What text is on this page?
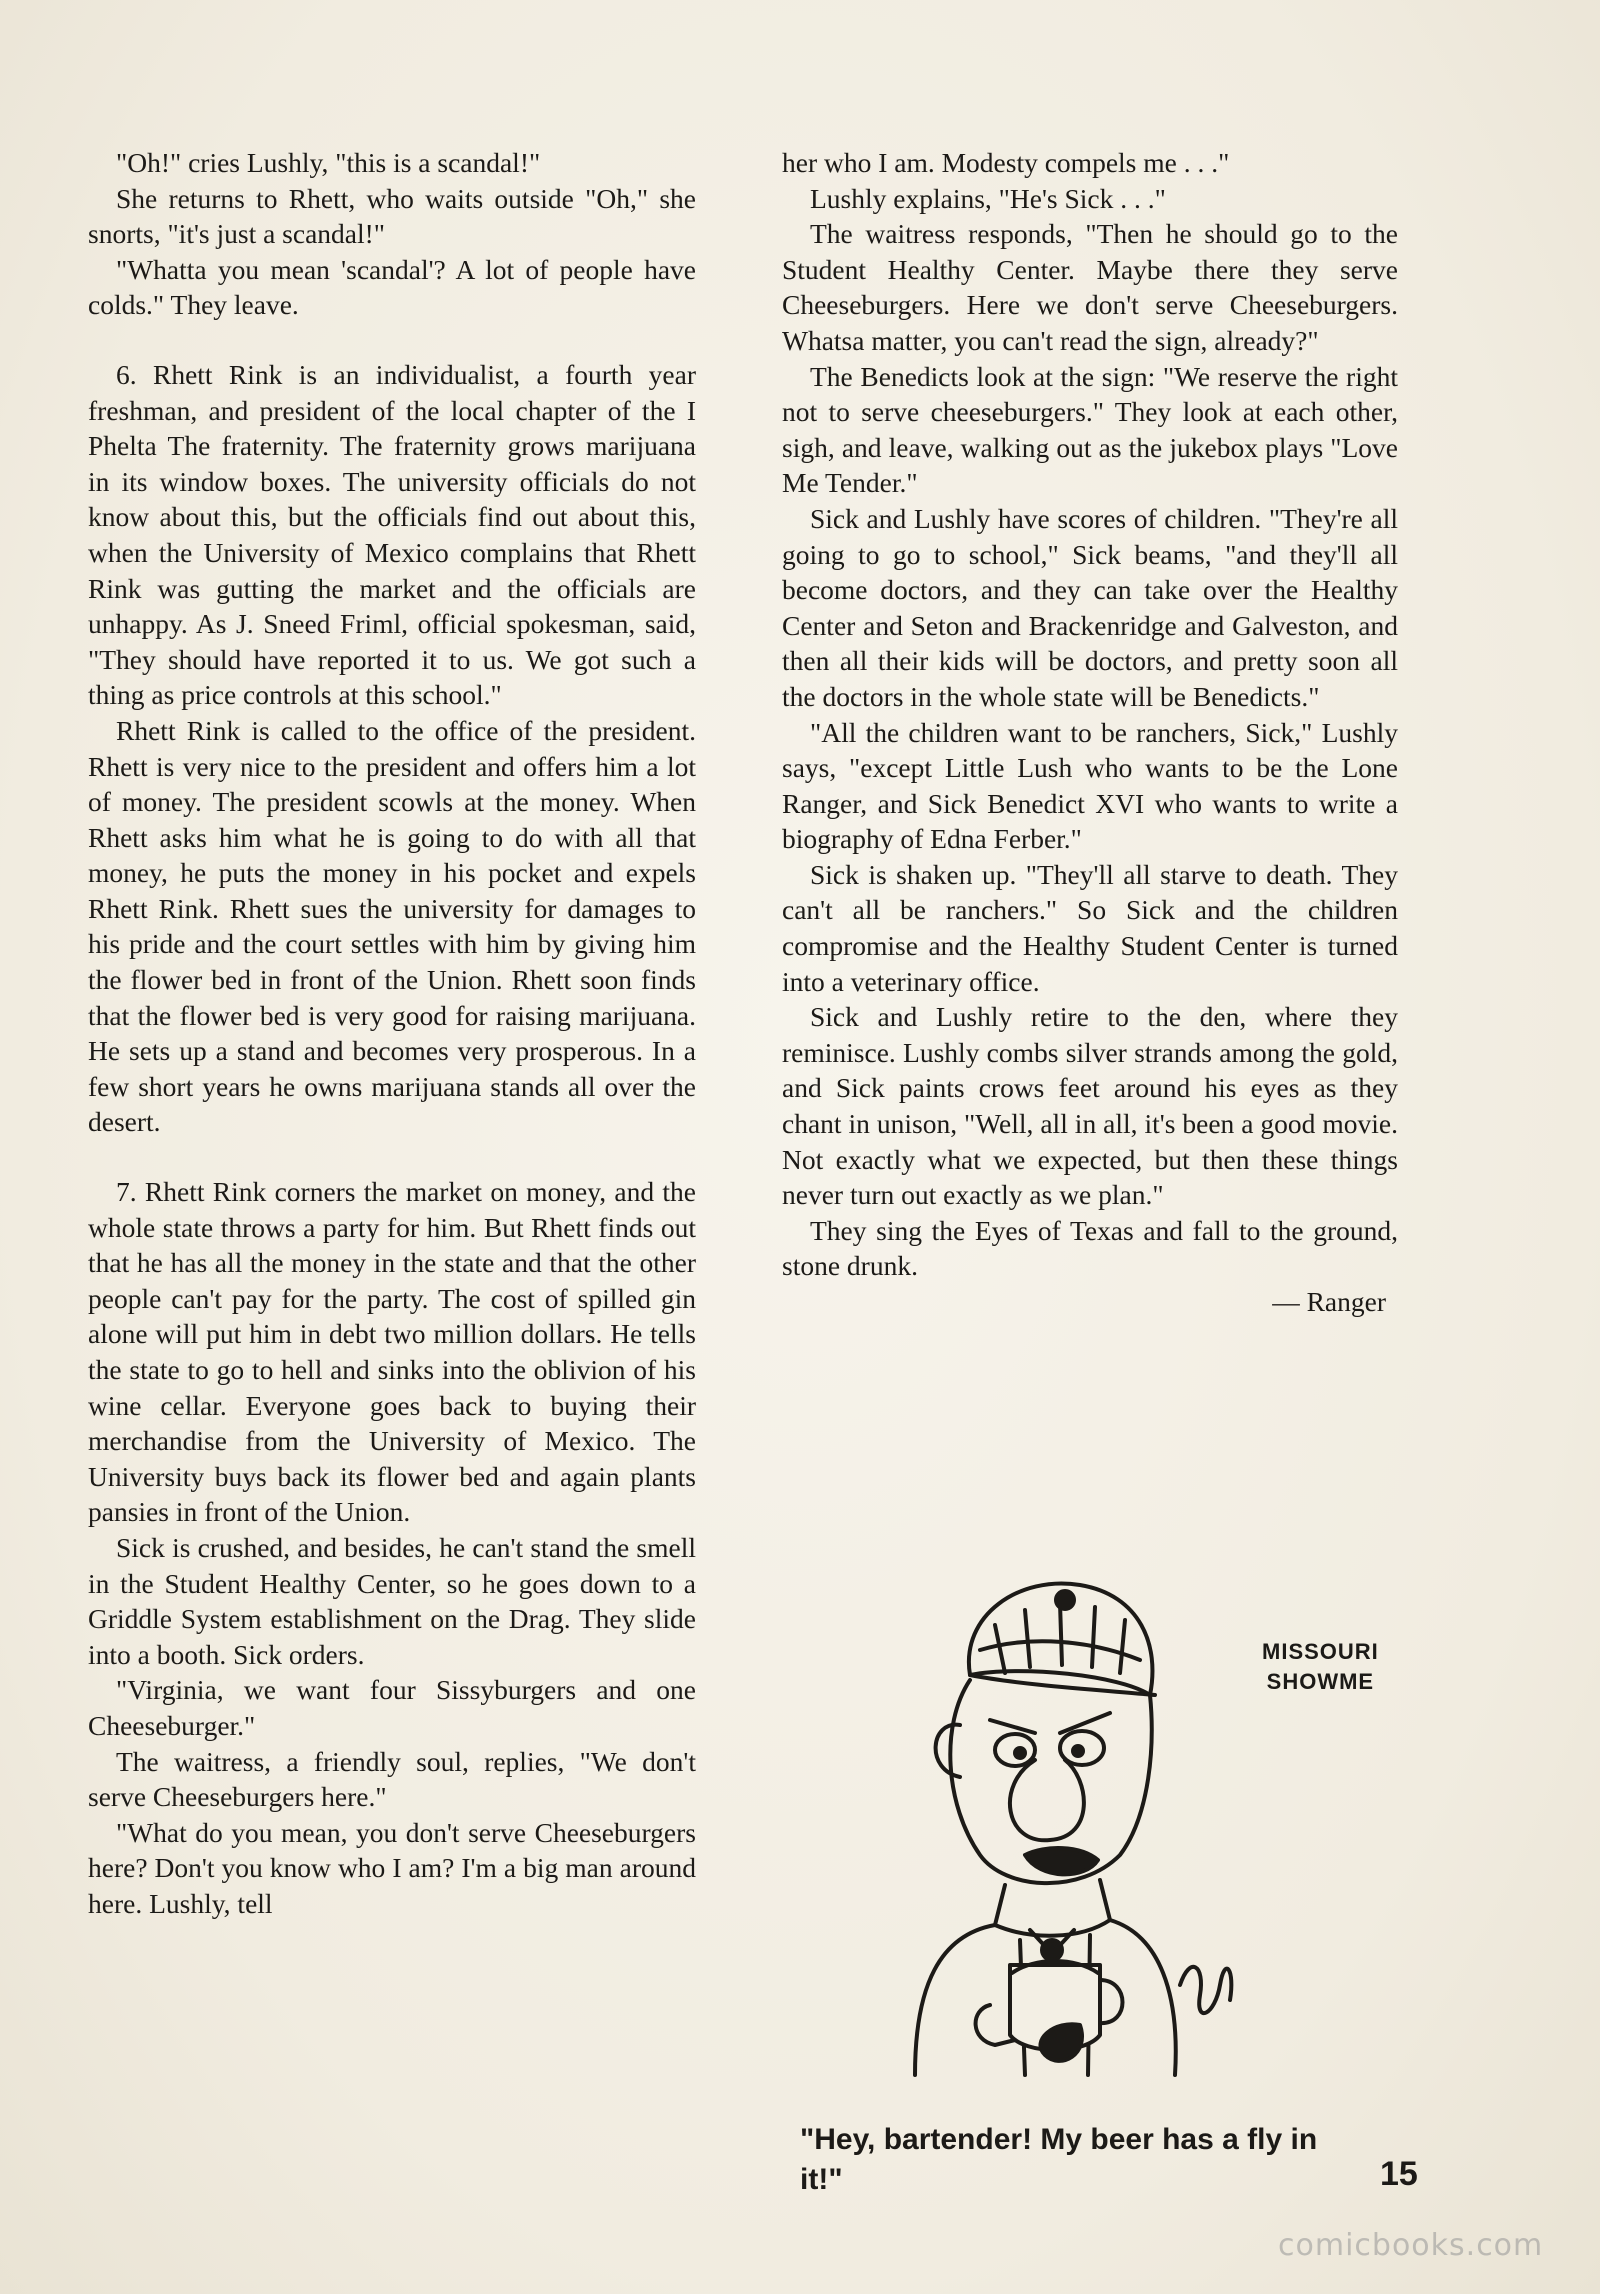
"Oh!" cries Lushly, "this is a scandal!"

She returns to Rhett, who waits outside "Oh," she snorts, "it's just a scandal!"

"Whatta you mean 'scandal'? A lot of people have colds." They leave.

6. Rhett Rink is an individualist, a fourth year freshman, and president of the local chapter of the I Phelta The fraternity. The fraternity grows marijuana in its window boxes. The university officials do not know about this, but the officials find out about this, when the University of Mexico complains that Rhett Rink was gutting the market and the officials are unhappy. As J. Sneed Friml, official spokesman, said, "They should have reported it to us. We got such a thing as price controls at this school."

Rhett Rink is called to the office of the president. Rhett is very nice to the president and offers him a lot of money. The president scowls at the money. When Rhett asks him what he is going to do with all that money, he puts the money in his pocket and expels Rhett Rink. Rhett sues the university for damages to his pride and the court settles with him by giving him the flower bed in front of the Union. Rhett soon finds that the flower bed is very good for raising marijuana. He sets up a stand and becomes very prosperous. In a few short years he owns marijuana stands all over the desert.

7. Rhett Rink corners the market on money, and the whole state throws a party for him. But Rhett finds out that he has all the money in the state and that the other people can't pay for the party. The cost of spilled gin alone will put him in debt two million dollars. He tells the state to go to hell and sinks into the oblivion of his wine cellar. Everyone goes back to buying their merchandise from the University of Mexico. The University buys back its flower bed and again plants pansies in front of the Union.

Sick is crushed, and besides, he can't stand the smell in the Student Healthy Center, so he goes down to a Griddle System establishment on the Drag. They slide into a booth. Sick orders.

"Virginia, we want four Sissyburgers and one Cheeseburger."

The waitress, a friendly soul, replies, "We don't serve Cheeseburgers here."

"What do you mean, you don't serve Cheeseburgers here? Don't you know who I am? I'm a big man around here. Lushly, tell

her who I am. Modesty compels me . . ."

Lushly explains, "He's Sick . . ."

The waitress responds, "Then he should go to the Student Healthy Center. Maybe there they serve Cheeseburgers. Here we don't serve Cheeseburgers. Whatsa matter, you can't read the sign, already?"

The Benedicts look at the sign: "We reserve the right not to serve cheeseburgers." They look at each other, sigh, and leave, walking out as the jukebox plays "Love Me Tender."

Sick and Lushly have scores of children. "They're all going to go to school," Sick beams, "and they'll all become doctors, and they can take over the Healthy Center and Seton and Brackenridge and Galveston, and then all their kids will be doctors, and pretty soon all the doctors in the whole state will be Benedicts."

"All the children want to be ranchers, Sick," Lushly says, "except Little Lush who wants to be the Lone Ranger, and Sick Benedict XVI who wants to write a biography of Edna Ferber."

Sick is shaken up. "They'll all starve to death. They can't all be ranchers." So Sick and the children compromise and the Healthy Student Center is turned into a veterinary office.

Sick and Lushly retire to the den, where they reminisce. Lushly combs silver strands among the gold, and Sick paints crows feet around his eyes as they chant in unison, "Well, all in all, it's been a good movie. Not exactly what we expected, but then these things never turn out exactly as we plan."

They sing the Eyes of Texas and fall to the ground, stone drunk.

— Ranger

MISSOURI
SHOWME
"Hey, bartender! My beer has a fly in it!"	15
comicbooks.com
